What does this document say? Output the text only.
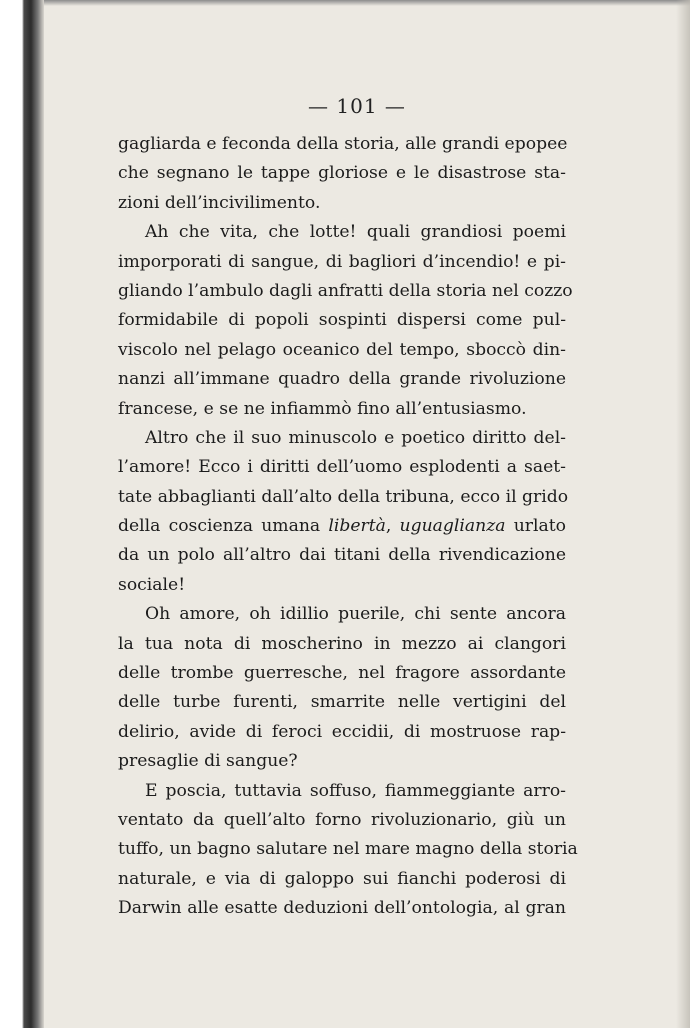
— 101 —
gagliarda e feconda della storia, alle grandi epopee
che segnano le tappe gloriose e le disastrose sta-
zioni dell’incivilimento.
Ah che vita, che lotte! quali grandiosi poemi
imporporati di sangue, di bagliori d’incendio! e pi-
gliando l’ambulo dagli anfratti della storia nel cozzo
formidabile di popoli sospinti dispersi come pul-
viscolo nel pelago oceanico del tempo, sboccò din-
nanzi all’immane quadro della grande rivoluzione
francese, e se ne infiammò fino all’entusiasmo.
Altro che il suo minuscolo e poetico diritto del-
l’amore! Ecco i diritti dell’uomo esplodenti a saet-
tate abbaglianti dall’alto della tribuna, ecco il grido
della coscienza umana libertà, uguaglianza urlato
da un polo all’altro dai titani della rivendicazione
sociale!
Oh amore, oh idillio puerile, chi sente ancora
la tua nota di moscherino in mezzo ai clangori
delle trombe guerresche, nel fragore assordante
delle turbe furenti, smarrite nelle vertigini del
delirio, avide di feroci eccidii, di mostruose rap-
presaglie di sangue?
E poscia, tuttavia soffuso, fiammeggiante arro-
ventato da quell’alto forno rivoluzionario, giù un
tuffo, un bagno salutare nel mare magno della storia
naturale, e via di galoppo sui fianchi poderosi di
Darwin alle esatte deduzioni dell’ontologia, al gran
